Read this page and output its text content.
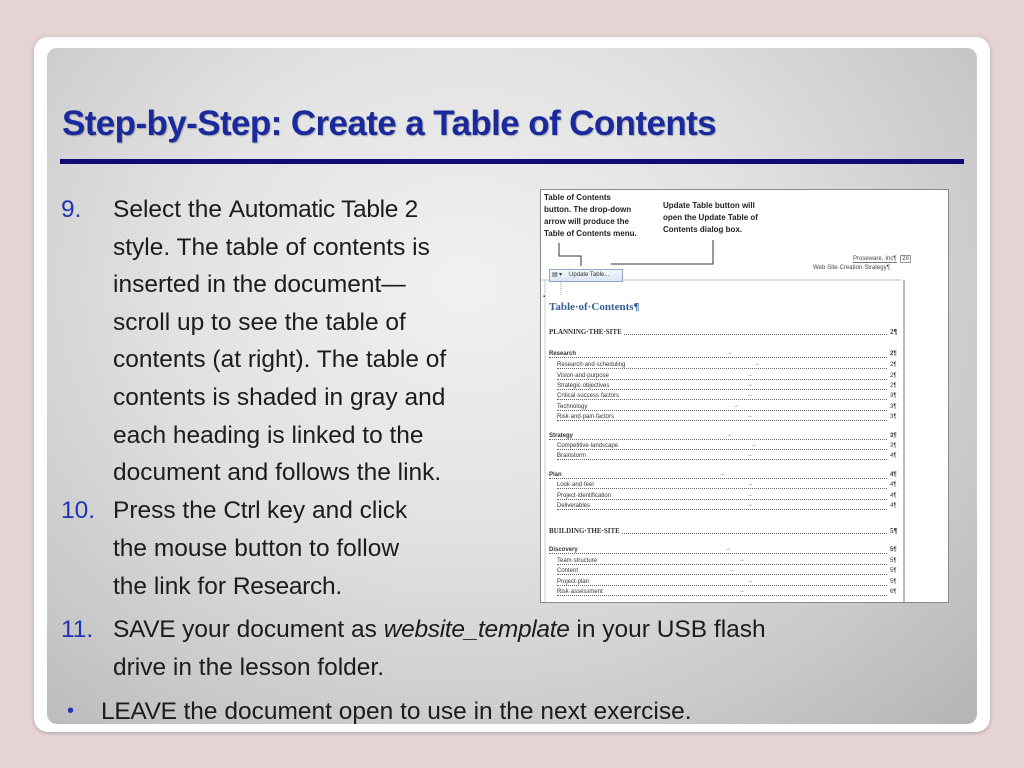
Step-by-Step: Create a Table of Contents
9. Select the Automatic Table 2
style. The table of contents is
inserted in the document—
scroll up to see the table of
contents (at right). The table of
contents is shaded in gray and
each heading is linked to the
document and follows the link.
10. Press the Ctrl key and click
the mouse button to follow
the link for Research.
11. SAVE your document as website_template in your USB flash
drive in the lesson folder.
• LEAVE the document open to use in the next exercise.
Table of Contents
button. The drop-down
arrow will produce the
Table of Contents menu.
Update Table button will
open the Update Table of
Contents dialog box.
▤ ▾ Update Table...
Proseware,·Inc¶ 2¤
Web·Site·Creation·Strategy¶
▪
Table·of·Contents¶
PLANNING·THE·SITE	2¶
Research	→	2¶
Research·and·scheduling	→	2¶
Vision·and·purpose	→	2¶
Strategic·objectives	→	2¶
Critical·success·factors	→	3¶
Technology	→	3¶
Risk·and·pain·factors	→	3¶
Strategy	→	3¶
Competitive·landscape	→	3¶
Brainstorm	→	4¶
Plan	→	4¶
Look·and·feel	→	4¶
Project·identification	→	4¶
Deliverables	→	4¶
BUILDING·THE·SITE	5¶
Discovery	→	5¶
Team·structure	→	5¶
Content	→	5¶
Project·plan	→	5¶
Risk·assessment	→	6¶
